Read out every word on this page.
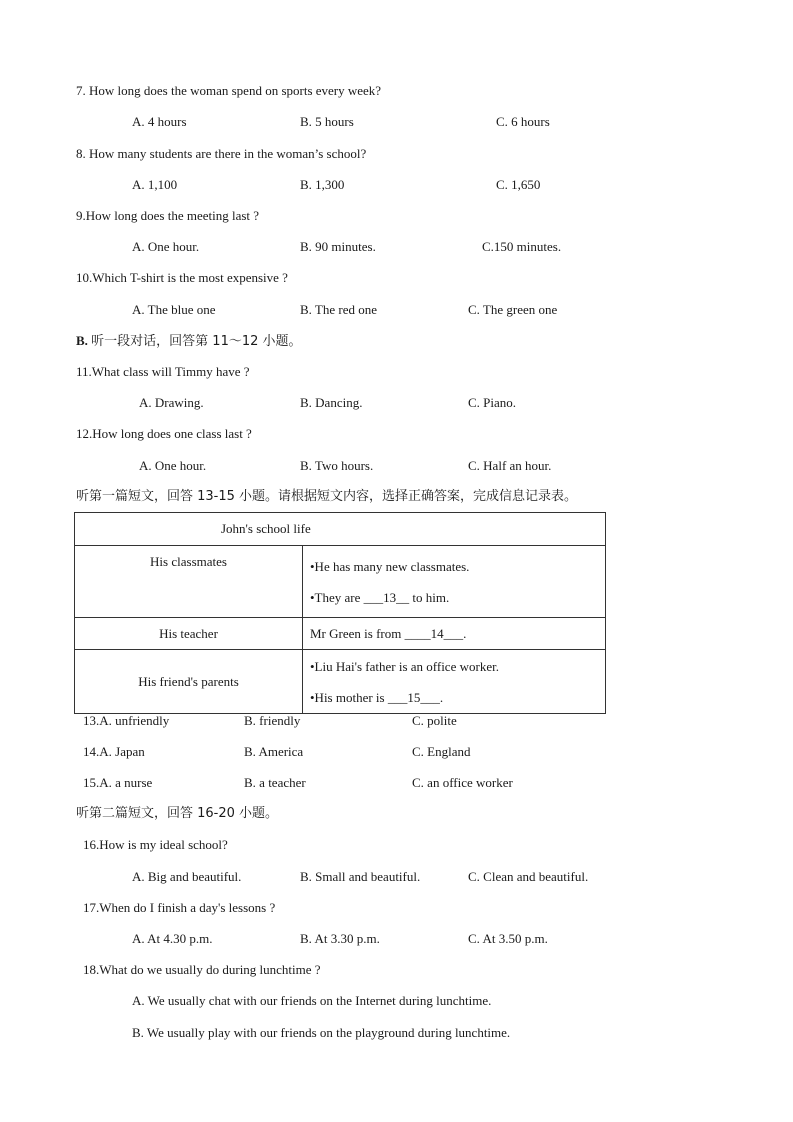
7. How long does the woman spend on sports every week?
A. 4 hours	B. 5 hours	C. 6 hours
8. How many students are there in the woman’s school?
A. 1,100	B. 1,300	C. 1,650
9.How long does the meeting last ?
A. One hour.	B. 90 minutes.	C.150 minutes.
10.Which T-shirt is the most expensive ?
A. The blue one	B. The red one	C. The green one
B. 听一段对话，回答第 11～12 小题。
11.What class will Timmy have ?
A. Drawing.	B. Dancing.	C. Piano.
12.How long does one class last ?
A. One hour.	B. Two hours.	C. Half an hour.
听第一篇短文，回答 13-15 小题。请根据短文内容，选择正确答案，完成信息记录表。
John's school life	
His classmates	•He has many new classmates.
•They are ___13__ to him.

His teacher	Mr Green is from ____14___.

His friend's parents	•Liu Hai's father is an office worker.
•His mother is ___15___.
13.A. unfriendly	B. friendly	C. polite
14.A. Japan	B. America	C. England
15.A. a nurse	B. a teacher	C. an office worker
听第二篇短文，回答 16-20 小题。
16.How is my ideal school?
A. Big and beautiful.	B. Small and beautiful.	C. Clean and beautiful.
17.When do I finish a day's lessons ?
A. At 4.30 p.m.	B. At 3.30 p.m.	C. At 3.50 p.m.
18.What do we usually do during lunchtime ?
A. We usually chat with our friends on the Internet during lunchtime.
B. We usually play with our friends on the playground during lunchtime.
